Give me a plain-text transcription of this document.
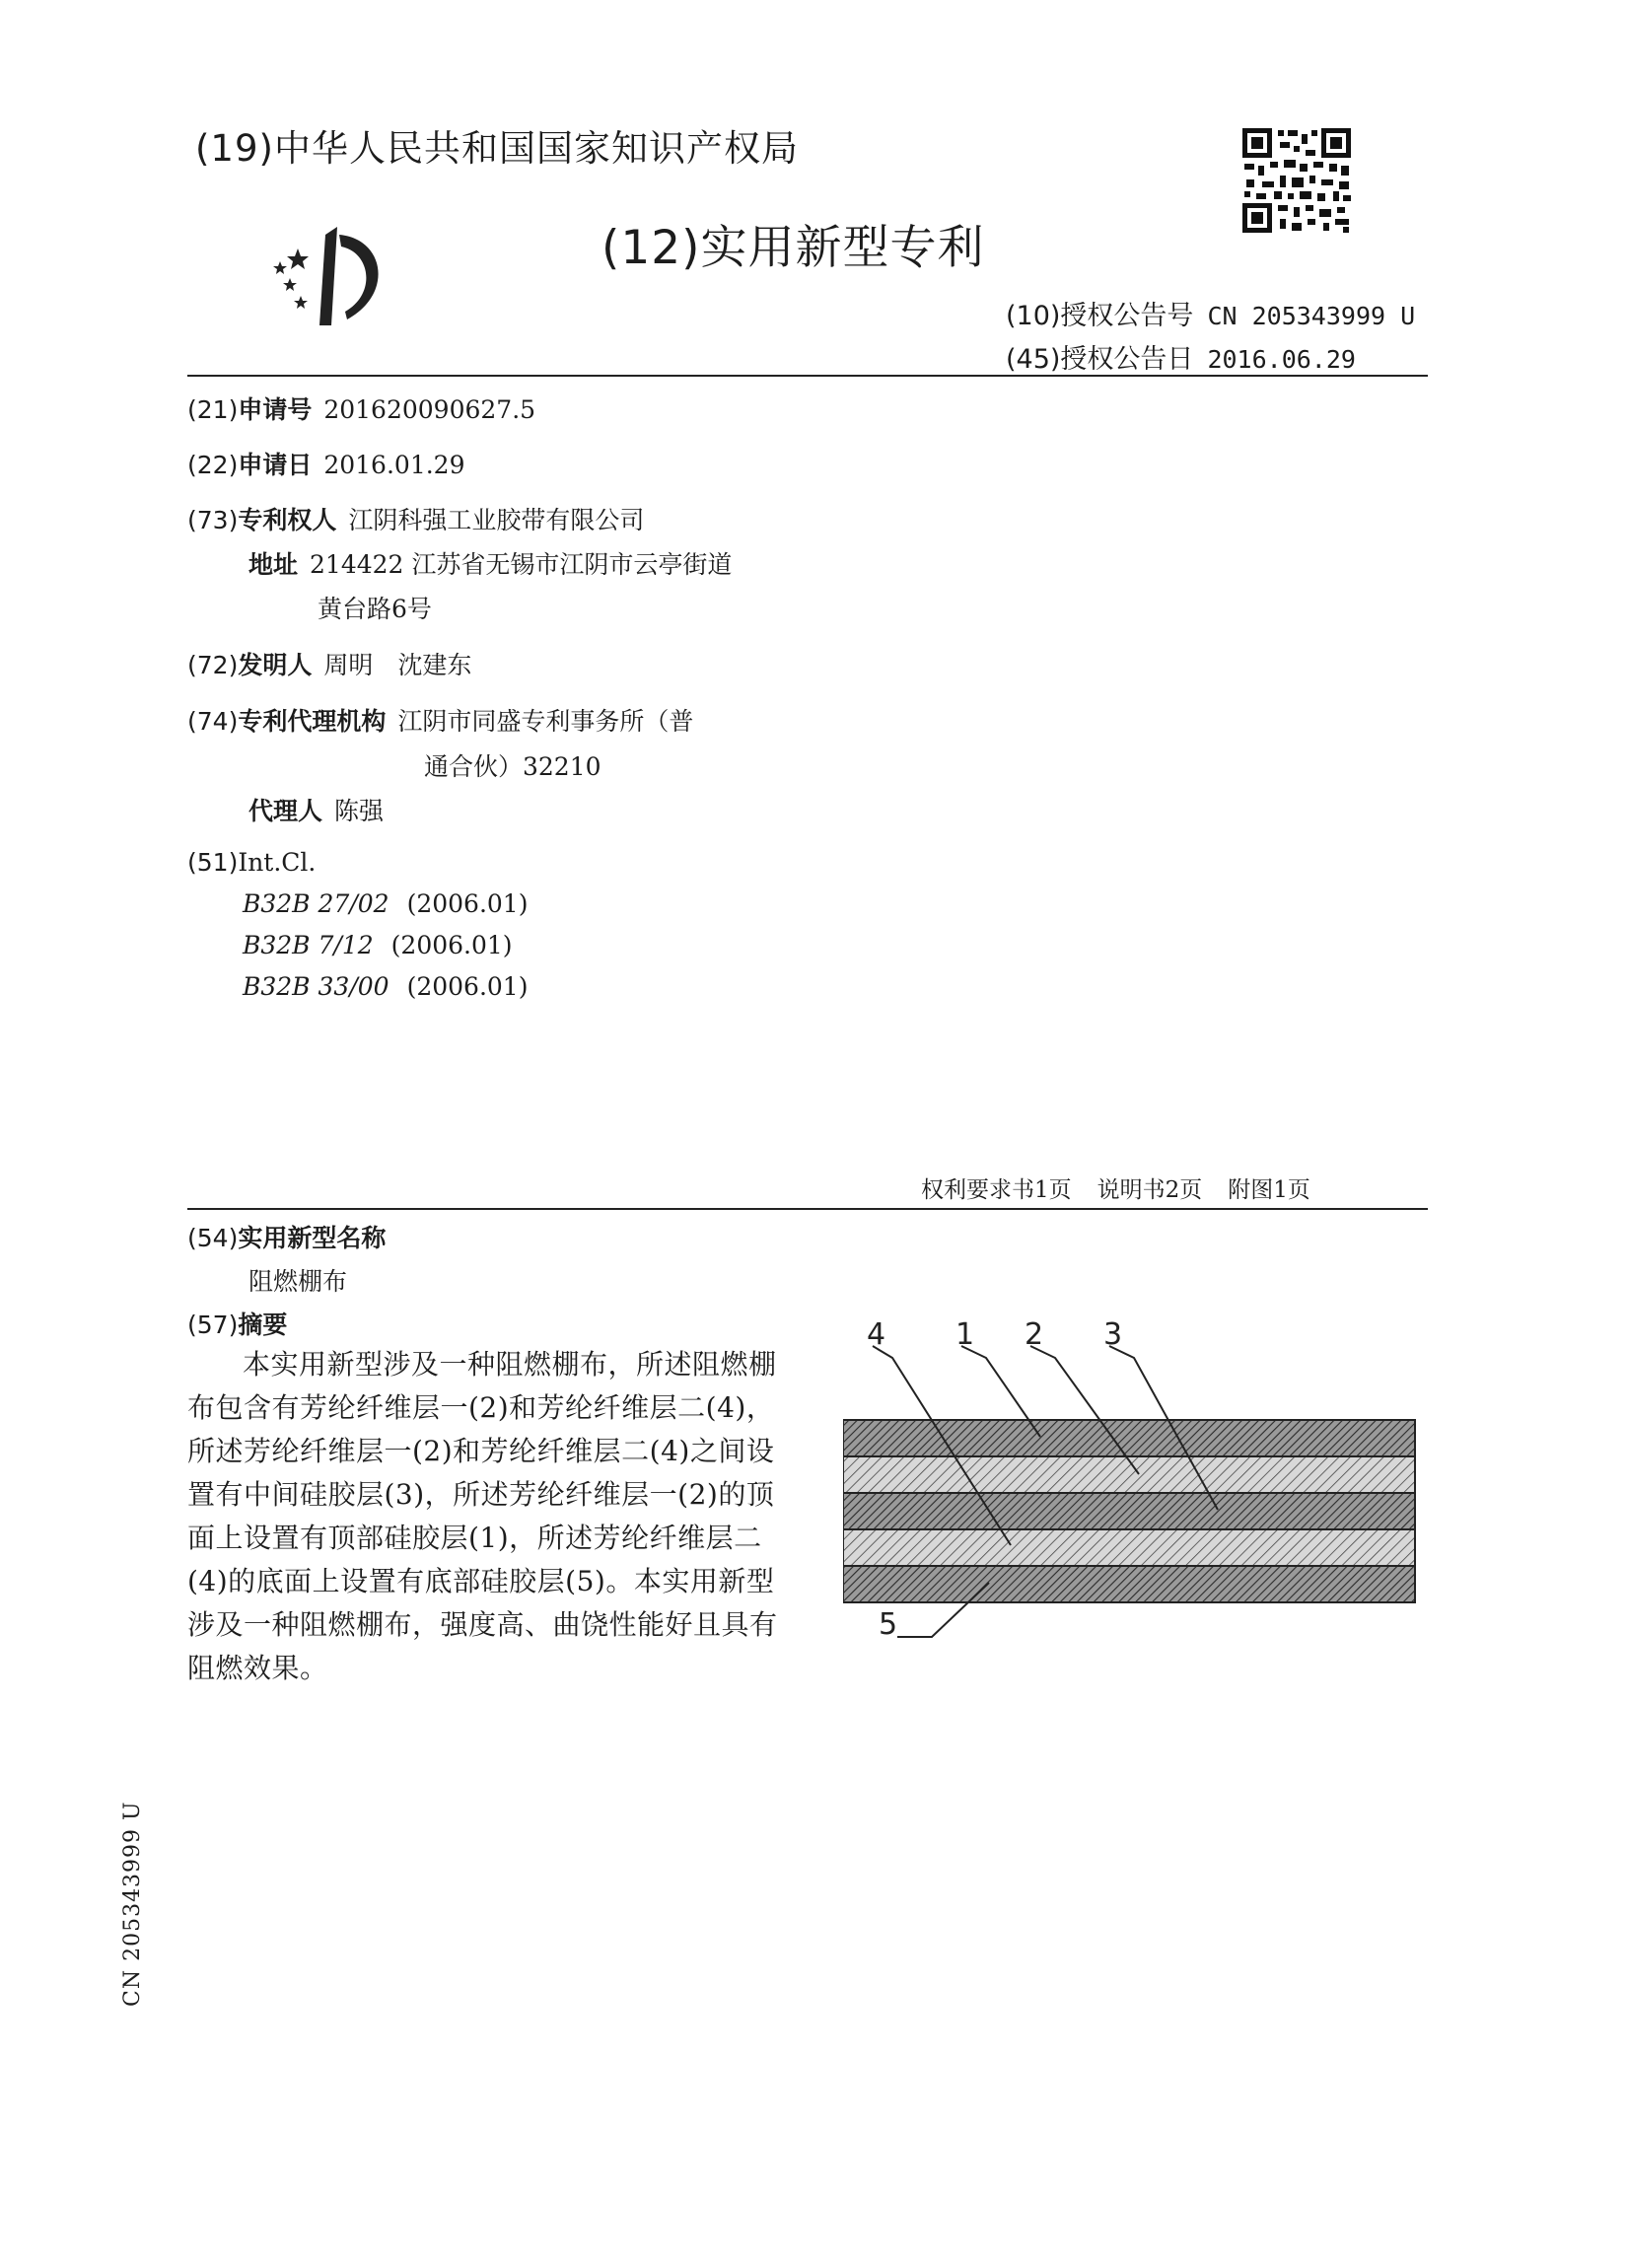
(19)中华人民共和国国家知识产权局
(12)实用新型专利
(10)授权公告号 CN 205343999 U
(45)授权公告日 2016.06.29
(21)申请号 201620090627.5
(22)申请日 2016.01.29
(73)专利权人 江阴科强工业胶带有限公司
地址 214422 江苏省无锡市江阴市云亭街道
黄台路6号
(72)发明人 周明　沈建东
(74)专利代理机构 江阴市同盛专利事务所（普
通合伙）32210
代理人 陈强
(51)Int.Cl.
B32B 27/02 (2006.01)
B32B 7/12 (2006.01)
B32B 33/00 (2006.01)
权利要求书1页 说明书2页 附图1页
(54)实用新型名称
阻燃棚布
(57)摘要
本实用新型涉及一种阻燃棚布，所述阻燃棚布包含有芳纶纤维层一(2)和芳纶纤维层二(4)，所述芳纶纤维层一(2)和芳纶纤维层二(4)之间设置有中间硅胶层(3)，所述芳纶纤维层一(2)的顶面上设置有顶部硅胶层(1)，所述芳纶纤维层二(4)的底面上设置有底部硅胶层(5)。本实用新型涉及一种阻燃棚布，强度高、曲饶性能好且具有阻燃效果。
4 1 2 3
5
CN 205343999 U
